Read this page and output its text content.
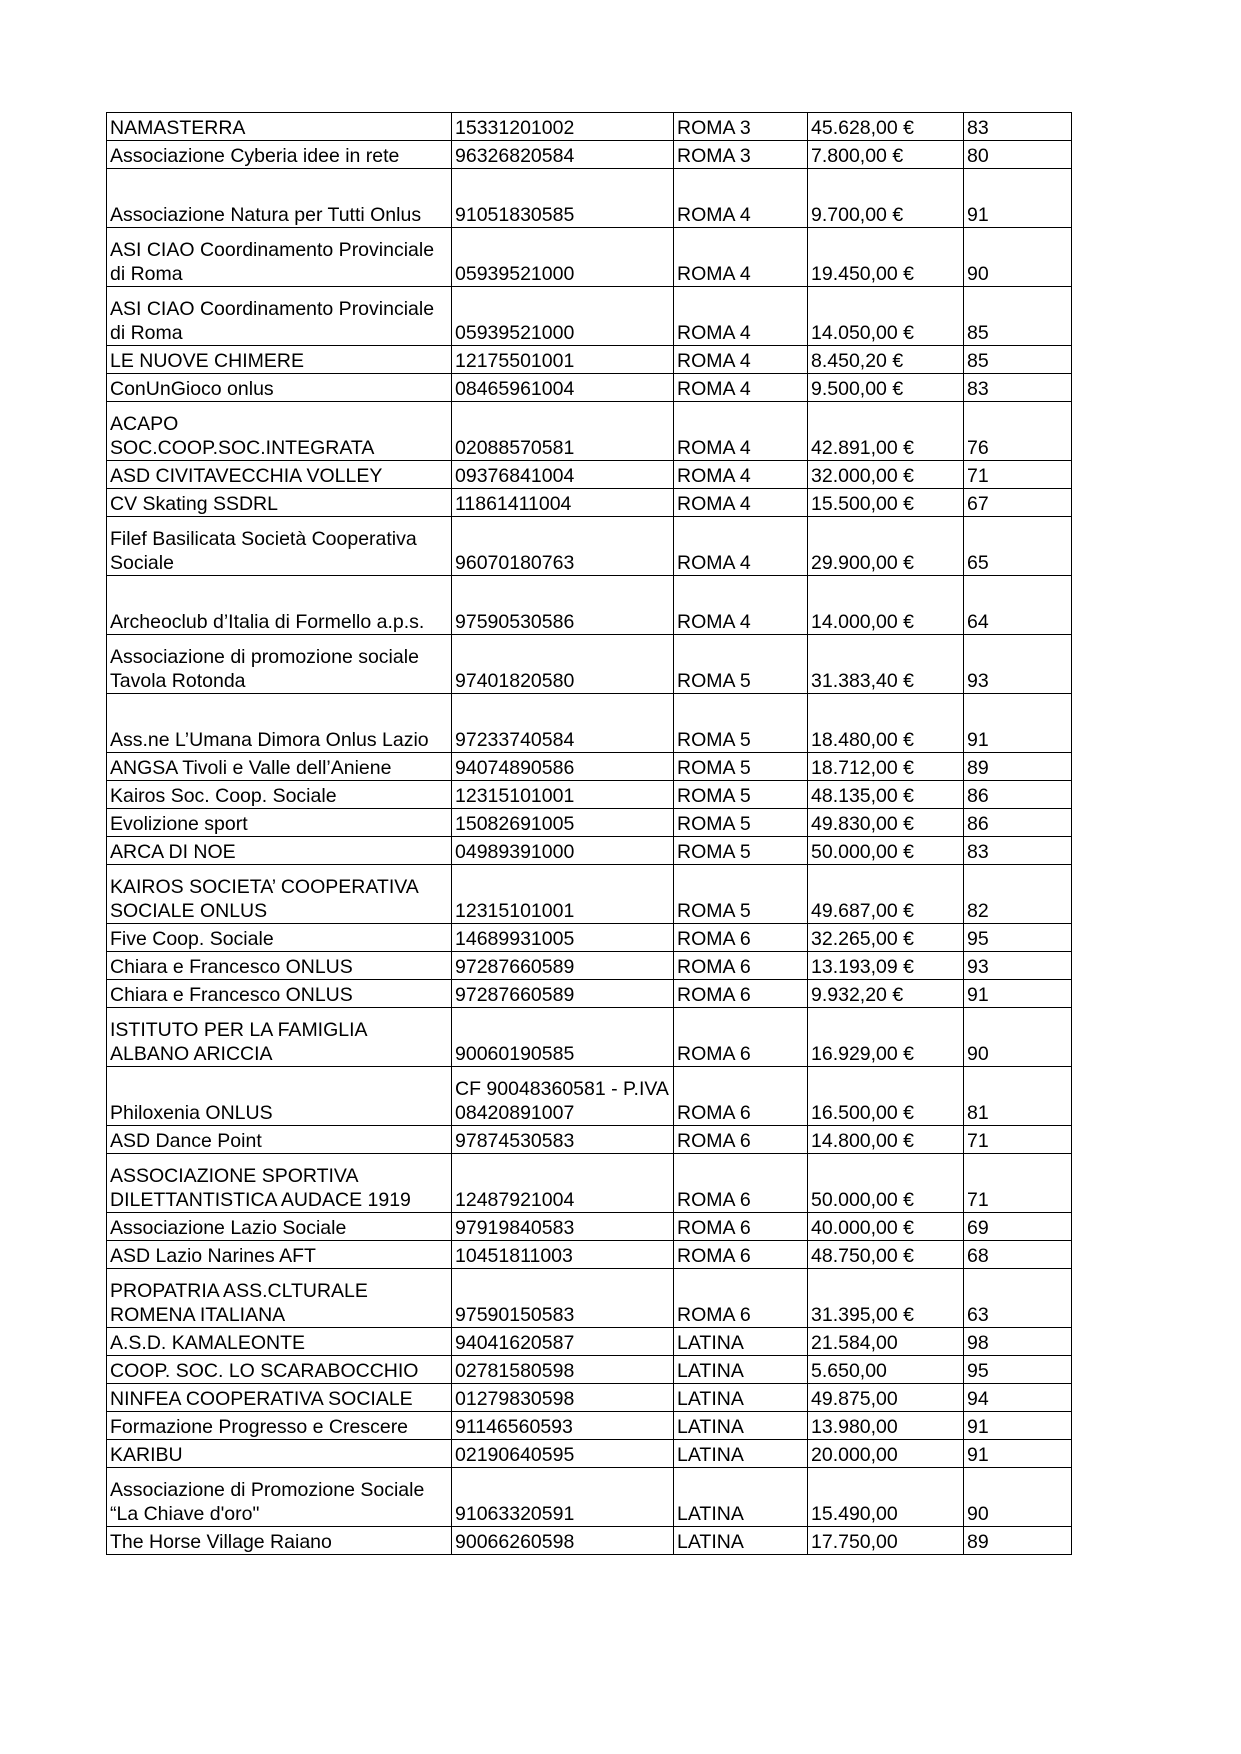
NAMASTERRA	15331201002	ROMA 3	45.628,00 €	83
Associazione Cyberia idee in rete	96326820584	ROMA 3	7.800,00 €	80
Associazione Natura per Tutti Onlus	91051830585	ROMA 4	9.700,00 €	91
ASI CIAO Coordinamento Provinciale di Roma	05939521000	ROMA 4	19.450,00 €	90
ASI CIAO Coordinamento Provinciale di Roma	05939521000	ROMA 4	14.050,00 €	85
LE NUOVE CHIMERE	12175501001	ROMA 4	8.450,20 €	85
ConUnGioco onlus	08465961004	ROMA 4	9.500,00 €	83
ACAPO SOC.COOP.SOC.INTEGRATA	02088570581	ROMA 4	42.891,00 €	76
ASD CIVITAVECCHIA VOLLEY	09376841004	ROMA 4	32.000,00 €	71
CV Skating SSDRL	11861411004	ROMA 4	15.500,00 €	67
Filef Basilicata Società Cooperativa Sociale	96070180763	ROMA 4	29.900,00 €	65
Archeoclub d’Italia di Formello a.p.s.	97590530586	ROMA 4	14.000,00 €	64
Associazione di promozione sociale Tavola Rotonda	97401820580	ROMA 5	31.383,40 €	93
Ass.ne L’Umana Dimora Onlus Lazio	97233740584	ROMA 5	18.480,00 €	91
ANGSA Tivoli e Valle dell’Aniene	94074890586	ROMA 5	18.712,00 €	89
Kairos Soc. Coop. Sociale	12315101001	ROMA 5	48.135,00 €	86
Evolizione sport	15082691005	ROMA 5	49.830,00 €	86
ARCA DI NOE	04989391000	ROMA 5	50.000,00 €	83
KAIROS SOCIETA’ COOPERATIVA SOCIALE ONLUS	12315101001	ROMA 5	49.687,00 €	82
Five Coop. Sociale	14689931005	ROMA 6	32.265,00 €	95
Chiara e Francesco ONLUS	97287660589	ROMA 6	13.193,09 €	93
Chiara e Francesco ONLUS	97287660589	ROMA 6	9.932,20 €	91
ISTITUTO PER LA FAMIGLIA ALBANO ARICCIA	90060190585	ROMA 6	16.929,00 €	90
Philoxenia ONLUS	CF 90048360581 - P.IVA 08420891007	ROMA 6	16.500,00 €	81
ASD Dance Point	97874530583	ROMA 6	14.800,00 €	71
ASSOCIAZIONE SPORTIVA DILETTANTISTICA AUDACE 1919	12487921004	ROMA 6	50.000,00 €	71
Associazione Lazio Sociale	97919840583	ROMA 6	40.000,00 €	69
ASD Lazio Narines AFT	10451811003	ROMA 6	48.750,00 €	68
PROPATRIA ASS.CLTURALE ROMENA ITALIANA	97590150583	ROMA 6	31.395,00 €	63
A.S.D. KAMALEONTE	94041620587	LATINA	21.584,00	98
COOP. SOC. LO SCARABOCCHIO	02781580598	LATINA	5.650,00	95
NINFEA COOPERATIVA SOCIALE	01279830598	LATINA	49.875,00	94
Formazione Progresso e Crescere	91146560593	LATINA	13.980,00	91
KARIBU	02190640595	LATINA	20.000,00	91
Associazione di Promozione Sociale “La Chiave d'oro"	91063320591	LATINA	15.490,00	90
The Horse Village Raiano	90066260598	LATINA	17.750,00	89
